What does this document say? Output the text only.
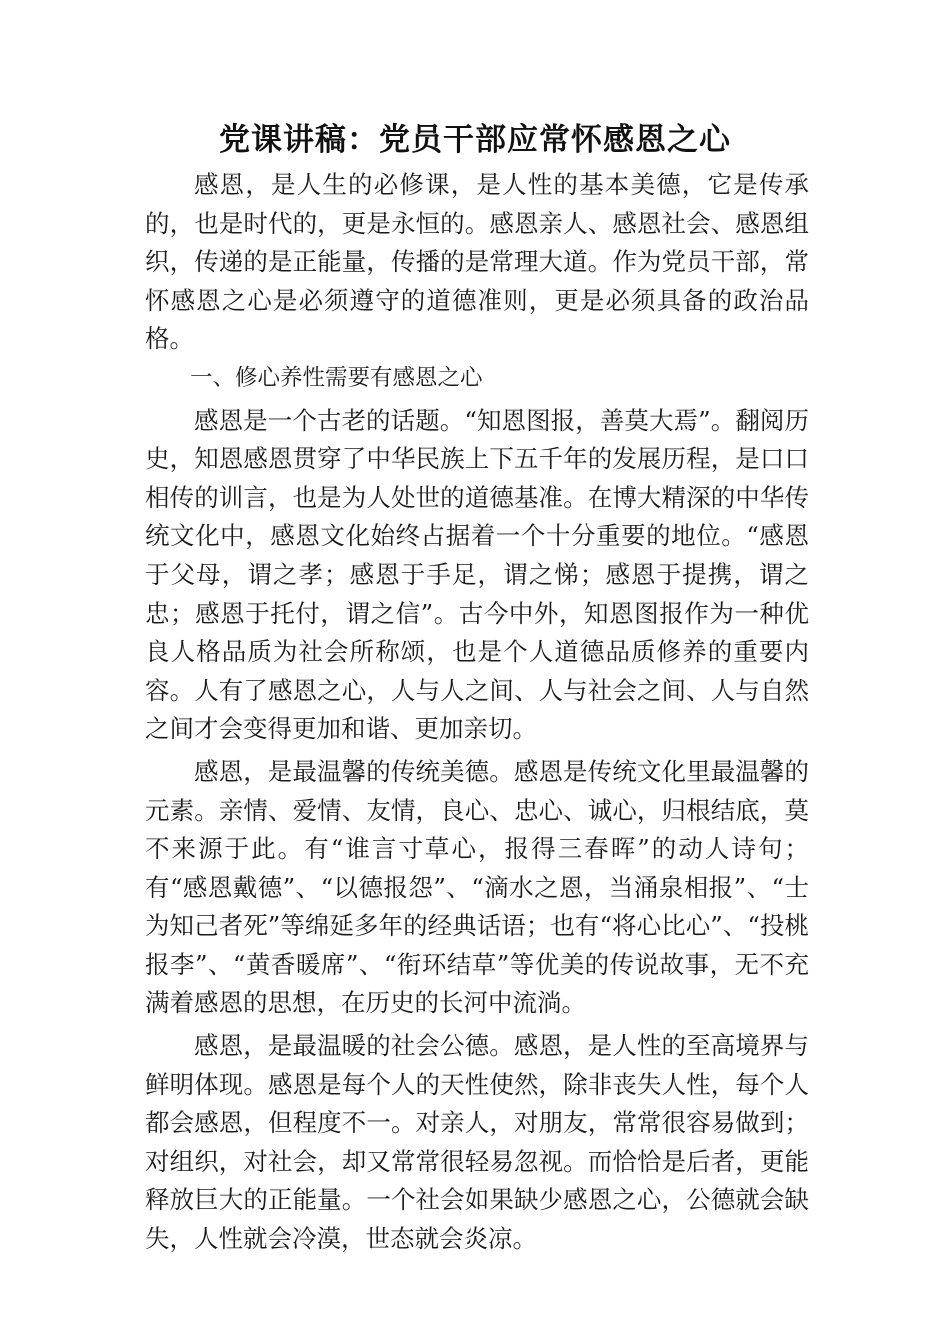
党课讲稿：党员干部应常怀感恩之心

感恩，是人生的必修课，是人性的基本美德，它是传承的，也是时代的，更是永恒的。感恩亲人、感恩社会、感恩组织，传递的是正能量，传播的是常理大道。作为党员干部，常怀感恩之心是必须遵守的道德准则，更是必须具备的政治品格。

一、修心养性需要有感恩之心

感恩是一个古老的话题。“知恩图报，善莫大焉”。翻阅历史，知恩感恩贯穿了中华民族上下五千年的发展历程，是口口相传的训言，也是为人处世的道德基准。在博大精深的中华传统文化中，感恩文化始终占据着一个十分重要的地位。“感恩于父母，谓之孝；感恩于手足，谓之悌；感恩于提携，谓之忠；感恩于托付，谓之信”。古今中外，知恩图报作为一种优良人格品质为社会所称颂，也是个人道德品质修养的重要内容。人有了感恩之心，人与人之间、人与社会之间、人与自然之间才会变得更加和谐、更加亲切。

感恩，是最温馨的传统美德。感恩是传统文化里最温馨的元素。亲情、爱情、友情，良心、忠心、诚心，归根结底，莫不来源于此。有“谁言寸草心，报得三春晖”的动人诗句；有“感恩戴德”、“以德报怨”、“滴水之恩，当涌泉相报”、“士为知己者死”等绵延多年的经典话语；也有“将心比心”、“投桃报李”、“黄香暖席”、“衔环结草”等优美的传说故事，无不充满着感恩的思想，在历史的长河中流淌。

感恩，是最温暖的社会公德。感恩，是人性的至高境界与鲜明体现。感恩是每个人的天性使然，除非丧失人性，每个人都会感恩，但程度不一。对亲人，对朋友，常常很容易做到；对组织，对社会，却又常常很轻易忽视。而恰恰是后者，更能释放巨大的正能量。一个社会如果缺少感恩之心，公德就会缺失，人性就会冷漠，世态就会炎凉。
